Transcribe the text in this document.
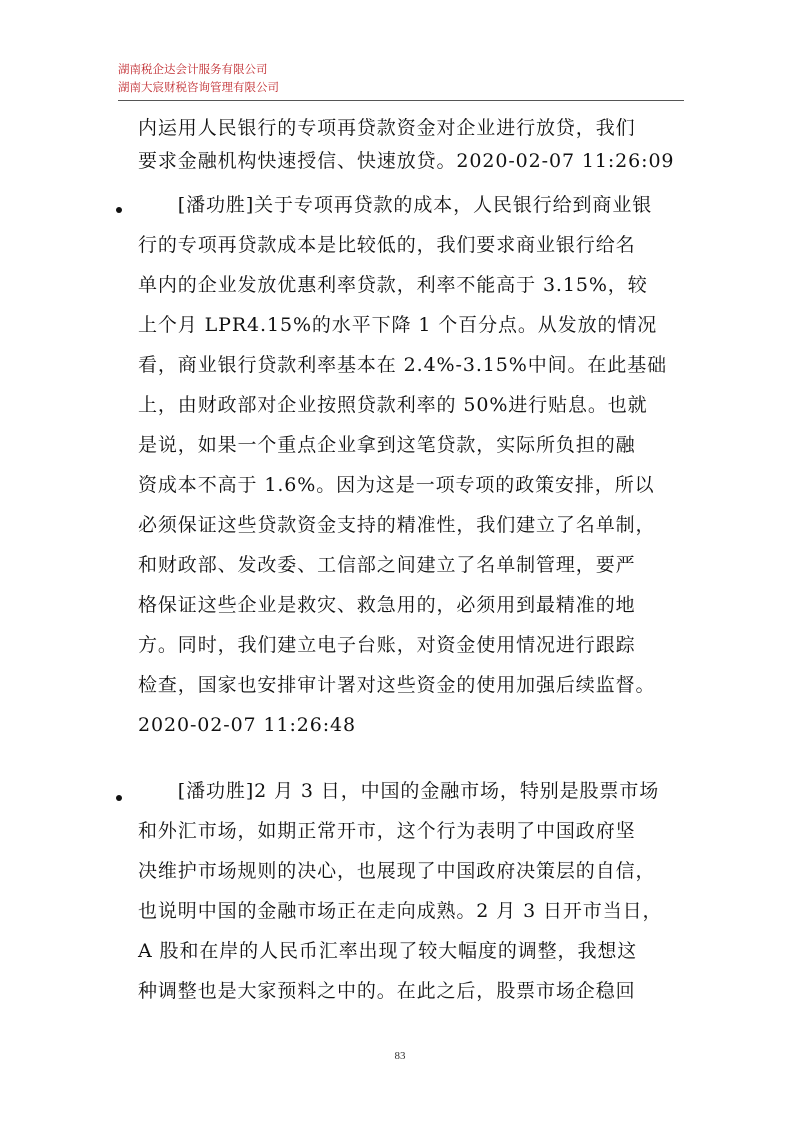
湖南税企达会计服务有限公司
湖南大宸财税咨询管理有限公司
内运用人民银行的专项再贷款资金对企业进行放贷，我们
要求金融机构快速授信、快速放贷。2020-02-07 11:26:09
　　[潘功胜]关于专项再贷款的成本，人民银行给到商业银
行的专项再贷款成本是比较低的，我们要求商业银行给名
单内的企业发放优惠利率贷款，利率不能高于 3.15%，较
上个月 LPR4.15%的水平下降 1 个百分点。从发放的情况
看，商业银行贷款利率基本在 2.4%-3.15%中间。在此基础
上，由财政部对企业按照贷款利率的 50%进行贴息。也就
是说，如果一个重点企业拿到这笔贷款，实际所负担的融
资成本不高于 1.6%。因为这是一项专项的政策安排，所以
必须保证这些贷款资金支持的精准性，我们建立了名单制，
和财政部、发改委、工信部之间建立了名单制管理，要严
格保证这些企业是救灾、救急用的，必须用到最精准的地
方。同时，我们建立电子台账，对资金使用情况进行跟踪
检查，国家也安排审计署对这些资金的使用加强后续监督。
2020-02-07 11:26:48
　　[潘功胜]2 月 3 日，中国的金融市场，特别是股票市场
和外汇市场，如期正常开市，这个行为表明了中国政府坚
决维护市场规则的决心，也展现了中国政府决策层的自信，
也说明中国的金融市场正在走向成熟。2 月 3 日开市当日，
A 股和在岸的人民币汇率出现了较大幅度的调整，我想这
种调整也是大家预料之中的。在此之后，股票市场企稳回
83
